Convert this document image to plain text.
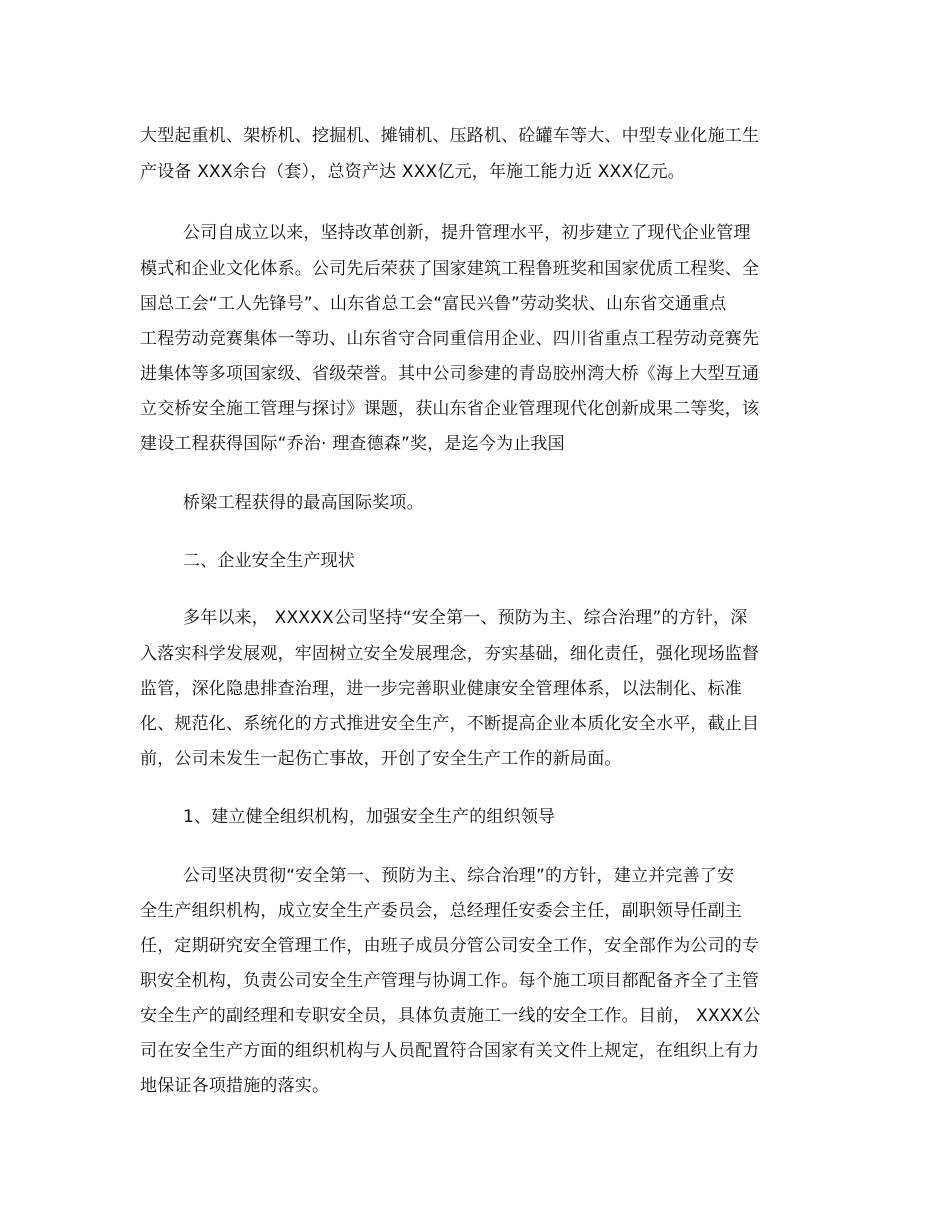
大型起重机、架桥机、挖掘机、摊铺机、压路机、砼罐车等大、中型专业化施工生
产设备 XXX余台（套），总资产达 XXX亿元，年施工能力近 XXX亿元。
公司自成立以来，坚持改革创新，提升管理水平，初步建立了现代企业管理
模式和企业文化体系。公司先后荣获了国家建筑工程鲁班奖和国家优质工程奖、全
国总工会“工人先锋号”、山东省总工会“富民兴鲁”劳动奖状、山东省交通重点
工程劳动竞赛集体一等功、山东省守合同重信用企业、四川省重点工程劳动竞赛先
进集体等多项国家级、省级荣誉。其中公司参建的青岛胶州湾大桥《海上大型互通
立交桥安全施工管理与探讨》课题，获山东省企业管理现代化创新成果二等奖，该
建设工程获得国际“乔治· 理查德森”奖，是迄今为止我国
桥梁工程获得的最高国际奖项。
二、企业安全生产现状
多年以来， XXXXX公司坚持“安全第一、预防为主、综合治理”的方针，深
入落实科学发展观，牢固树立安全发展理念，夯实基础，细化责任，强化现场监督
监管，深化隐患排查治理，进一步完善职业健康安全管理体系，以法制化、标准
化、规范化、系统化的方式推进安全生产，不断提高企业本质化安全水平，截止目
前，公司未发生一起伤亡事故，开创了安全生产工作的新局面。
1、建立健全组织机构，加强安全生产的组织领导
公司坚决贯彻“安全第一、预防为主、综合治理”的方针，建立并完善了安
全生产组织机构，成立安全生产委员会，总经理任安委会主任，副职领导任副主
任，定期研究安全管理工作，由班子成员分管公司安全工作，安全部作为公司的专
职安全机构，负责公司安全生产管理与协调工作。每个施工项目都配备齐全了主管
安全生产的副经理和专职安全员，具体负责施工一线的安全工作。目前， XXXX公
司在安全生产方面的组织机构与人员配置符合国家有关文件上规定，在组织上有力
地保证各项措施的落实。
